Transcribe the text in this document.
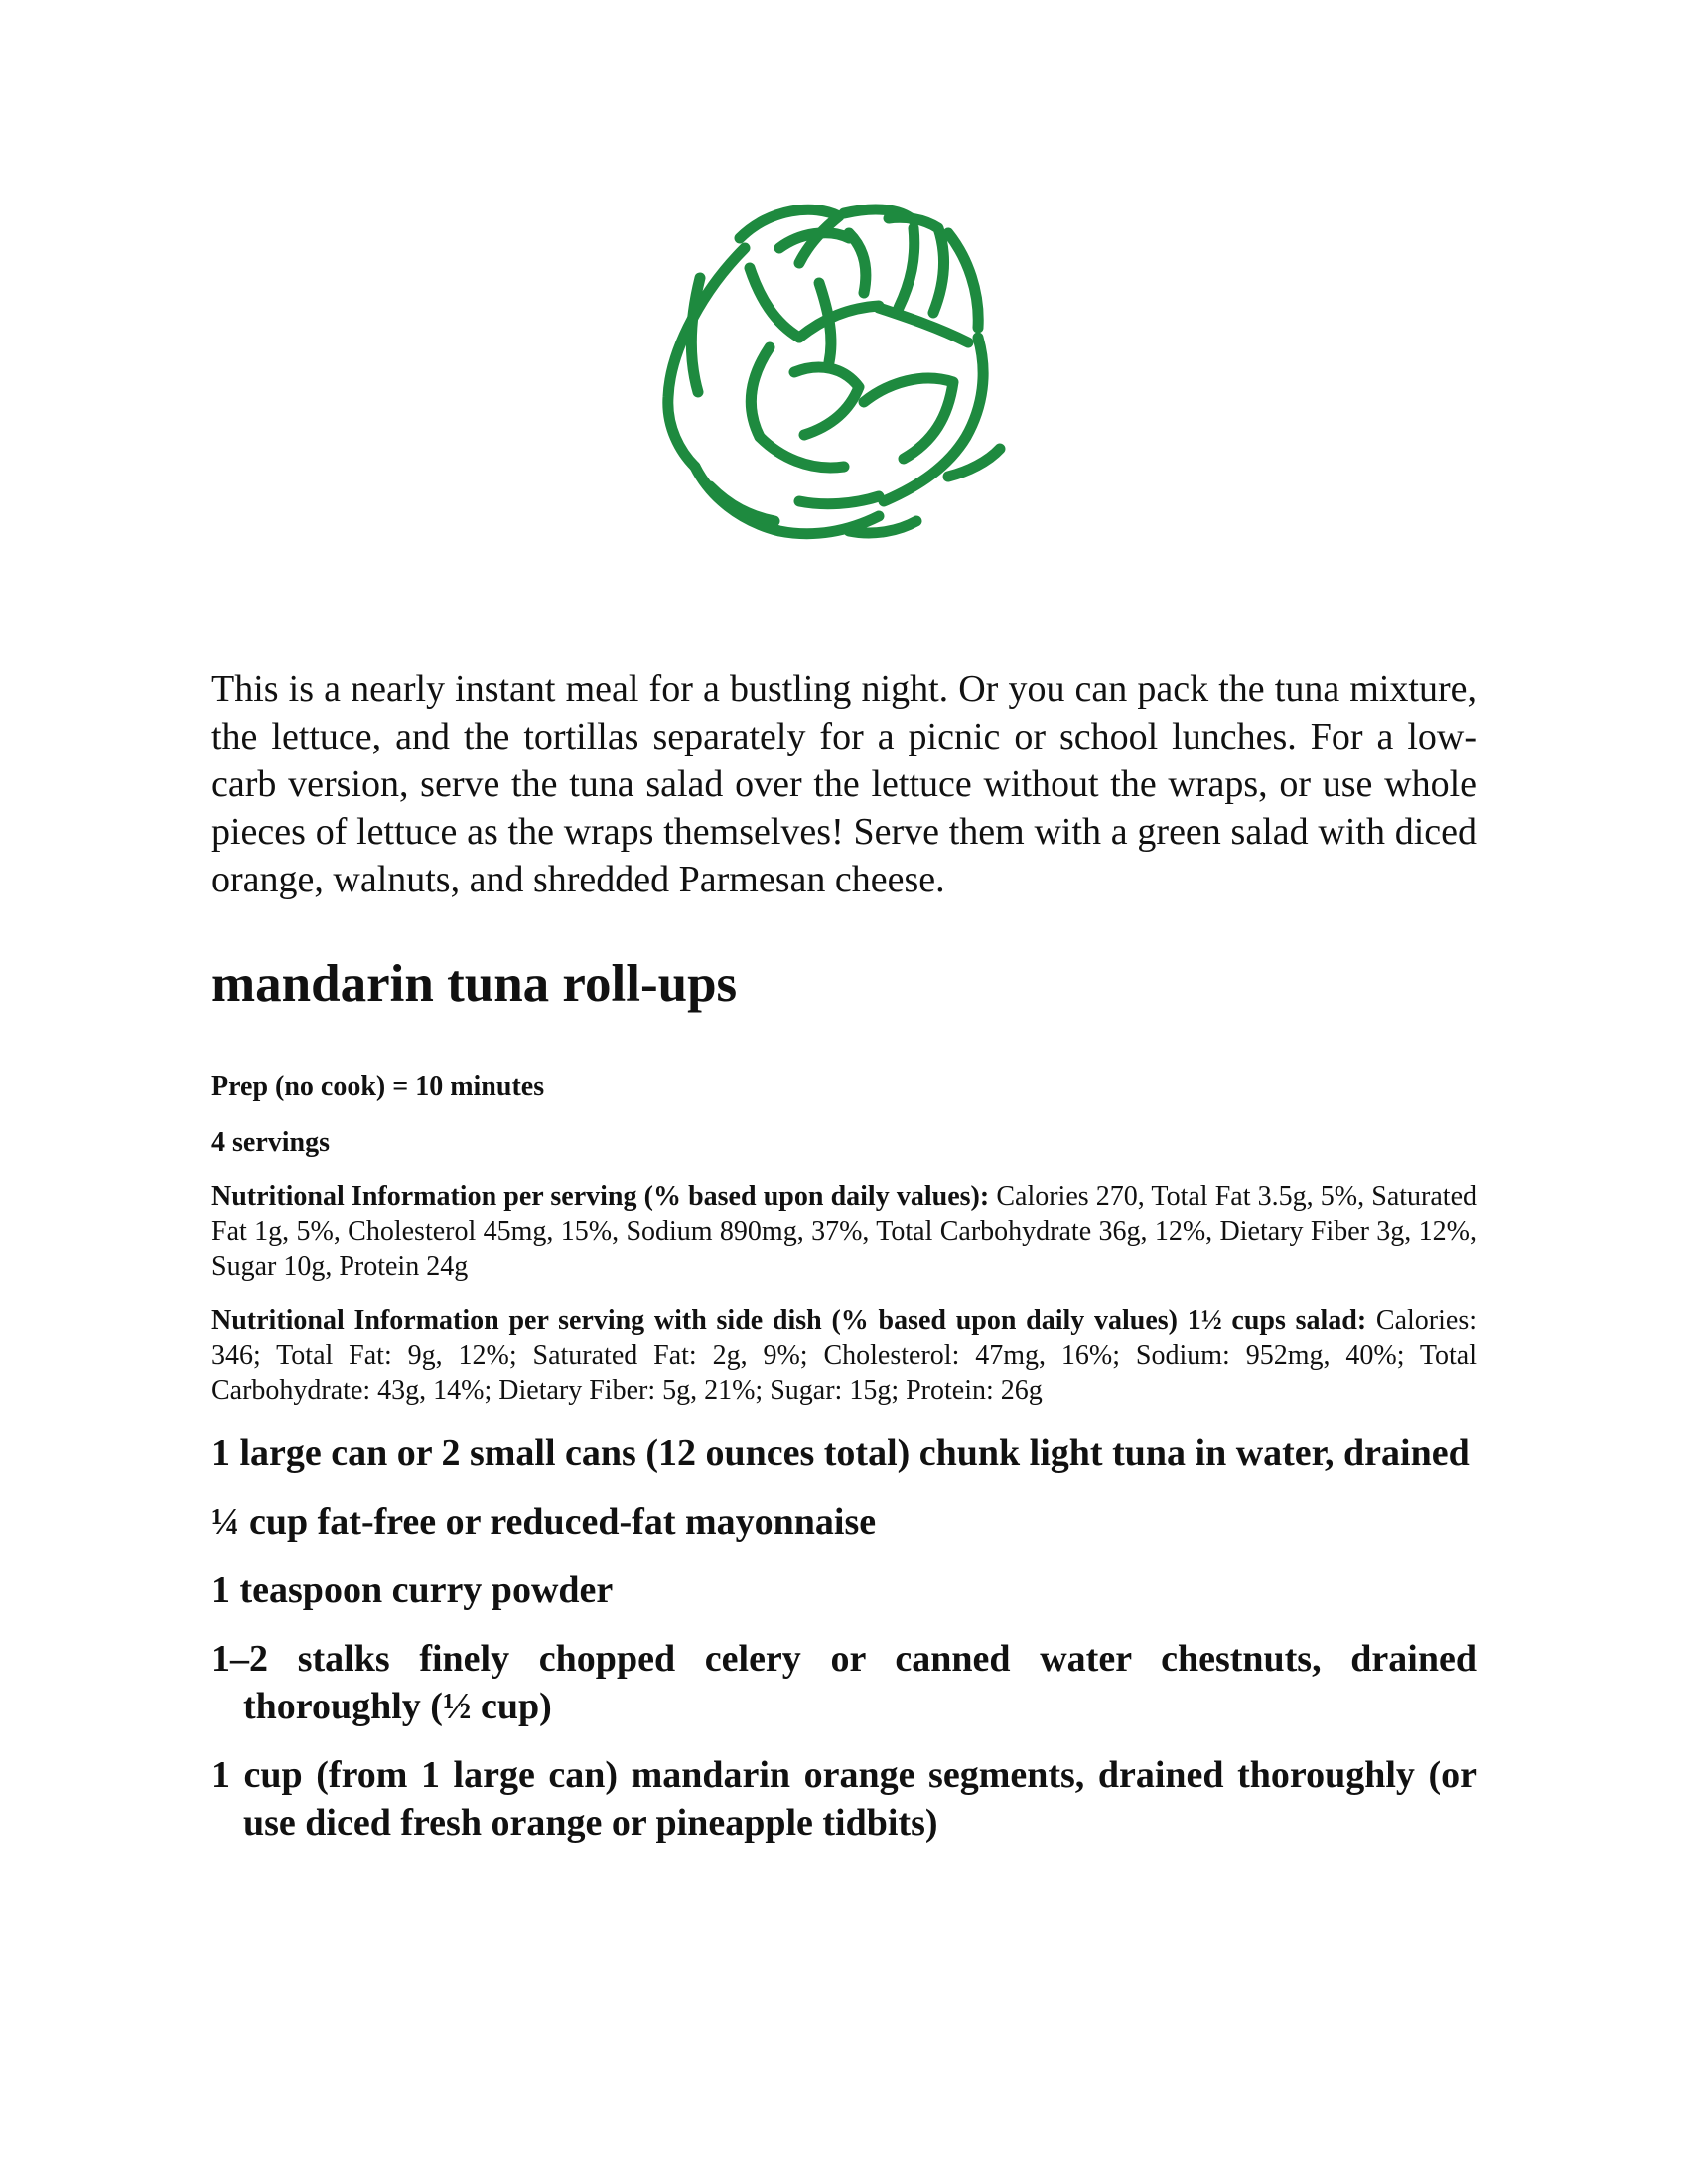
This is a nearly instant meal for a bustling night. Or you can pack the tuna mixture, the lettuce, and the tortillas separately for a picnic or school lunches. For a low-carb version, serve the tuna salad over the lettuce without the wraps, or use whole pieces of lettuce as the wraps themselves! Serve them with a green salad with diced orange, walnuts, and shredded Parmesan cheese.

mandarin tuna roll-ups

Prep (no cook) = 10 minutes

4 servings

Nutritional Information per serving (% based upon daily values): Calories 270, Total Fat 3.5g, 5%, Saturated Fat 1g, 5%, Cholesterol 45mg, 15%, Sodium 890mg, 37%, Total Carbohydrate 36g, 12%, Dietary Fiber 3g, 12%, Sugar 10g, Protein 24g

Nutritional Information per serving with side dish (% based upon daily values) 1½ cups salad: Calories: 346; Total Fat: 9g, 12%; Saturated Fat: 2g, 9%; Cholesterol: 47mg, 16%; Sodium: 952mg, 40%; Total Carbohydrate: 43g, 14%; Dietary Fiber: 5g, 21%; Sugar: 15g; Protein: 26g

1 large can or 2 small cans (12 ounces total) chunk light tuna in water, drained
¼ cup fat-free or reduced-fat mayonnaise
1 teaspoon curry powder
1–2 stalks finely chopped celery or canned water chestnuts, drained thoroughly (½ cup)
1 cup (from 1 large can) mandarin orange segments, drained thoroughly (or use diced fresh orange or pineapple tidbits)
